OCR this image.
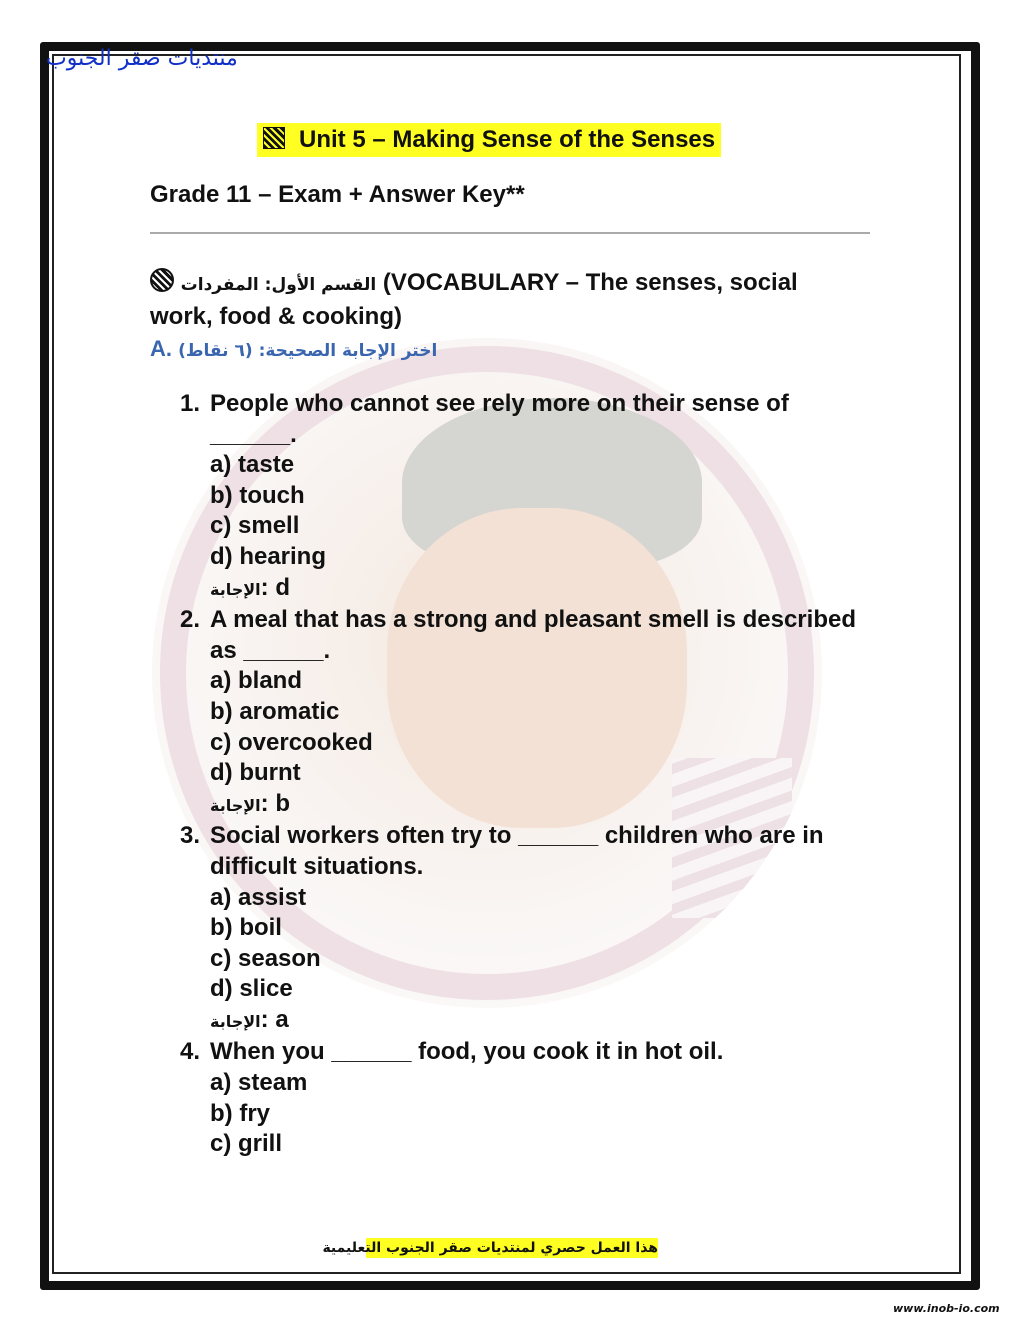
منتديات صقر الجنوب
Unit 5 – Making Sense of the Senses
Grade 11 – Exam + Answer Key**
القسم الأول: المفردات (VOCABULARY – The senses, social work, food & cooking)
A. اختر الإجابة الصحيحة: (٦ نقاط)
1. People who cannot see rely more on their sense of ______.
a) taste
b) touch
c) smell
d) hearing
الإجابة: d
2. A meal that has a strong and pleasant smell is described as ______.
a) bland
b) aromatic
c) overcooked
d) burnt
الإجابة: b
3. Social workers often try to ______ children who are in difficult situations.
a) assist
b) boil
c) season
d) slice
الإجابة: a
4. When you ______ food, you cook it in hot oil.
a) steam
b) fry
c) grill
هذا العمل حصري لمنتديات صقر الجنوب التعليمية
www.inob-io.com
